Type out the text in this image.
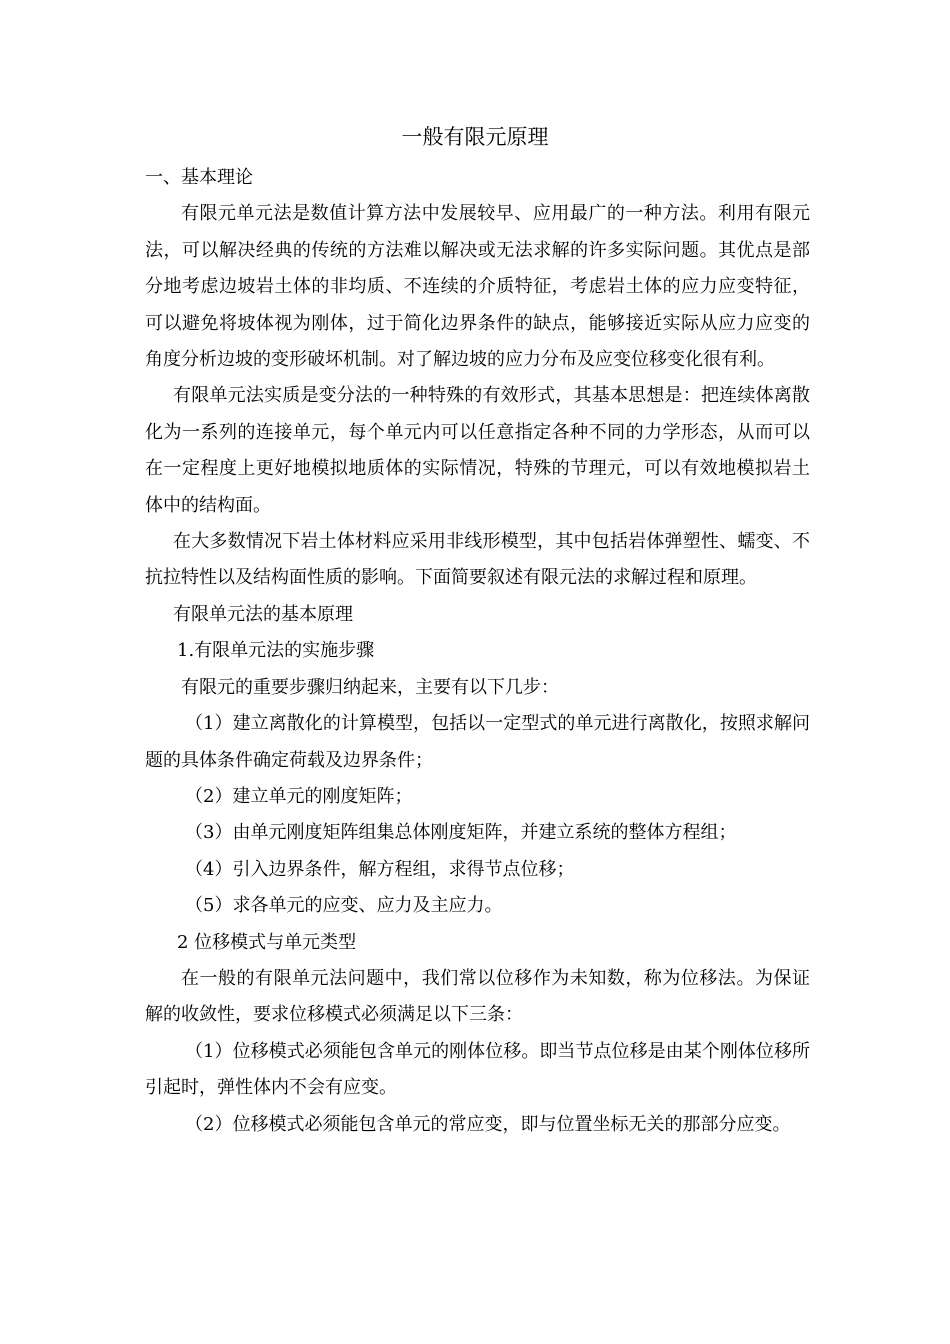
一般有限元原理

一、基本理论

有限元单元法是数值计算方法中发展较早、应用最广的一种方法。利用有限元法，可以解决经典的传统的方法难以解决或无法求解的许多实际问题。其优点是部分地考虑边坡岩土体的非均质、不连续的介质特征，考虑岩土体的应力应变特征，可以避免将坡体视为刚体，过于简化边界条件的缺点，能够接近实际从应力应变的角度分析边坡的变形破坏机制。对了解边坡的应力分布及应变位移变化很有利。

有限单元法实质是变分法的一种特殊的有效形式，其基本思想是：把连续体离散化为一系列的连接单元，每个单元内可以任意指定各种不同的力学形态，从而可以在一定程度上更好地模拟地质体的实际情况，特殊的节理元，可以有效地模拟岩土体中的结构面。

在大多数情况下岩土体材料应采用非线形模型，其中包括岩体弹塑性、蠕变、不抗拉特性以及结构面性质的影响。下面简要叙述有限元法的求解过程和原理。

有限单元法的基本原理

1.有限单元法的实施步骤

有限元的重要步骤归纳起来，主要有以下几步：

（1）建立离散化的计算模型，包括以一定型式的单元进行离散化，按照求解问题的具体条件确定荷载及边界条件；

（2）建立单元的刚度矩阵；

（3）由单元刚度矩阵组集总体刚度矩阵，并建立系统的整体方程组；

（4）引入边界条件，解方程组，求得节点位移；

（5）求各单元的应变、应力及主应力。

2 位移模式与单元类型

在一般的有限单元法问题中，我们常以位移作为未知数，称为位移法。为保证解的收敛性，要求位移模式必须满足以下三条：

（1）位移模式必须能包含单元的刚体位移。即当节点位移是由某个刚体位移所引起时，弹性体内不会有应变。

（2）位移模式必须能包含单元的常应变，即与位置坐标无关的那部分应变。
